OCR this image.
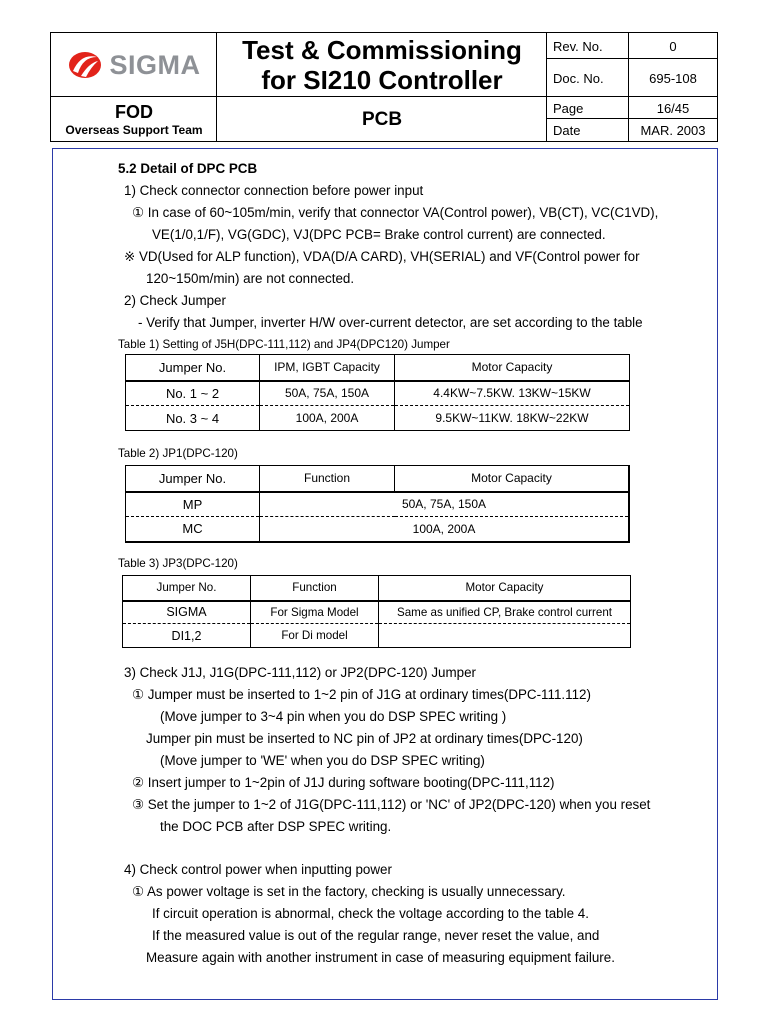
SIGMA Test & Commissioning
for SI210 Controller
FOD
Overseas Support Team	PCB
Rev. No.	0
Doc. No.	695-108
Page	16/45
Date	MAR. 2003
5.2 Detail of DPC PCB
1) Check connector connection before power input
① In case of 60~105m/min, verify that connector VA(Control power), VB(CT), VC(C1VD),
VE(1/0,1/F), VG(GDC), VJ(DPC PCB= Brake control current) are connected.
※ VD(Used for ALP function), VDA(D/A CARD), VH(SERIAL) and VF(Control power for
120~150m/min) are not connected.
2) Check Jumper
- Verify that Jumper, inverter H/W over-current detector, are set according to the table
Table 1) Setting of J5H(DPC-111,112) and JP4(DPC120) Jumper
Jumper No.	IPM, IGBT Capacity	Motor Capacity
No. 1 ~ 2	50A, 75A, 150A	4.4KW~7.5KW. 13KW~15KW
No. 3 ~ 4	100A, 200A	9.5KW~11KW. 18KW~22KW
Table 2) JP1(DPC-120)
Jumper No.	Function	Motor Capacity
MP	50A, 75A, 150A	
MC	100A, 200A	
Table 3) JP3(DPC-120)
Jumper No.	Function	Motor Capacity
SIGMA	For Sigma Model	Same as unified CP, Brake control current
DI1,2	For Di model	
3) Check J1J, J1G(DPC-111,112) or JP2(DPC-120) Jumper
① Jumper must be inserted to 1~2 pin of J1G at ordinary times(DPC-111.112)
(Move jumper to 3~4 pin when you do DSP SPEC writing )
Jumper pin must be inserted to NC pin of JP2 at ordinary times(DPC-120)
(Move jumper to 'WE' when you do DSP SPEC writing)
② Insert jumper to 1~2pin of J1J during software booting(DPC-111,112)
③ Set the jumper to 1~2 of J1G(DPC-111,112) or 'NC' of JP2(DPC-120) when you reset
the DOC PCB after DSP SPEC writing.
4) Check control power when inputting power
① As power voltage is set in the factory, checking is usually unnecessary.
If circuit operation is abnormal, check the voltage according to the table 4.
If the measured value is out of the regular range, never reset the value, and
Measure again with another instrument in case of measuring equipment failure.
